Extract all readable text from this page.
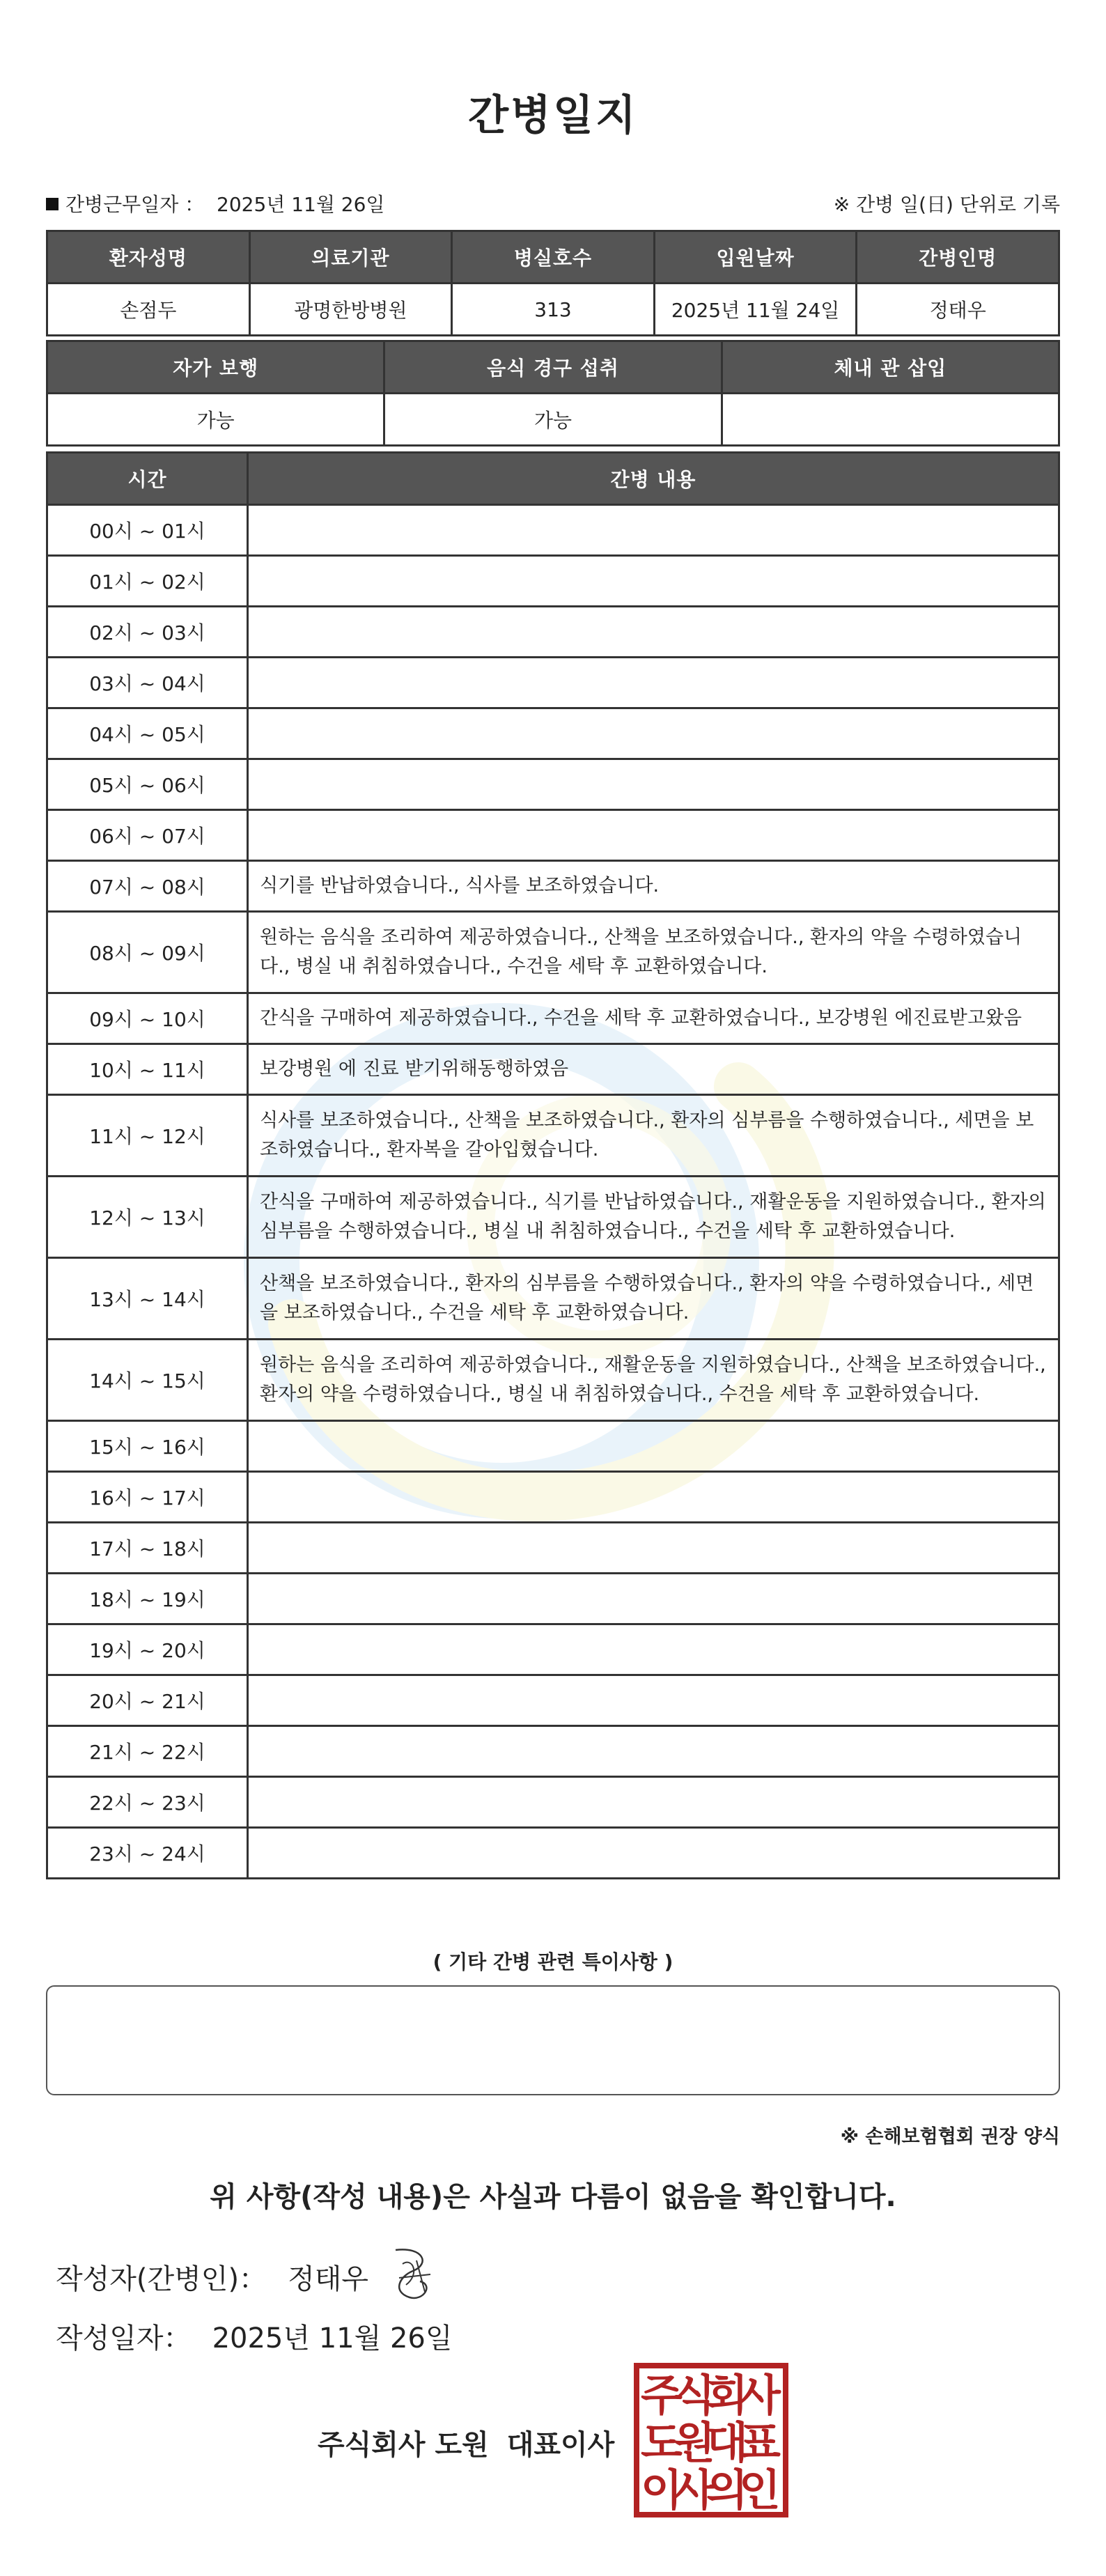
간병일지
간병근무일자 ： 2025년 11월 26일	※ 간병 일(日) 단위로 기록
환자성명	의료기관	병실호수	입원날짜	간병인명
손점두	광명한방병원	313	2025년 11월 24일	정태우
자가 보행	음식 경구 섭취	체내 관 삽입
가능	가능	
시간	간병 내용
00시 ~ 01시	
01시 ~ 02시	
02시 ~ 03시	
03시 ~ 04시	
04시 ~ 05시	
05시 ~ 06시	
06시 ~ 07시	
07시 ~ 08시	식기를 반납하였습니다., 식사를 보조하였습니다.
08시 ~ 09시	원하는 음식을 조리하여 제공하였습니다., 산책을 보조하였습니다., 환자의 약을 수령하였습니다., 병실 내 취침하였습니다., 수건을 세탁 후 교환하였습니다.
09시 ~ 10시	간식을 구매하여 제공하였습니다., 수건을 세탁 후 교환하였습니다., 보강병원 에진료받고왔음
10시 ~ 11시	보강병원 에 진료 받기위해동행하였음
11시 ~ 12시	식사를 보조하였습니다., 산책을 보조하였습니다., 환자의 심부름을 수행하였습니다., 세면을 보조하였습니다., 환자복을 갈아입혔습니다.
12시 ~ 13시	간식을 구매하여 제공하였습니다., 식기를 반납하였습니다., 재활운동을 지원하였습니다., 환자의 심부름을 수행하였습니다., 병실 내 취침하였습니다., 수건을 세탁 후 교환하였습니다.
13시 ~ 14시	산책을 보조하였습니다., 환자의 심부름을 수행하였습니다., 환자의 약을 수령하였습니다., 세면을 보조하였습니다., 수건을 세탁 후 교환하였습니다.
14시 ~ 15시	원하는 음식을 조리하여 제공하였습니다., 재활운동을 지원하였습니다., 산책을 보조하였습니다., 환자의 약을 수령하였습니다., 병실 내 취침하였습니다., 수건을 세탁 후 교환하였습니다.
15시 ~ 16시	
16시 ~ 17시	
17시 ~ 18시	
18시 ~ 19시	
19시 ~ 20시	
20시 ~ 21시	
21시 ~ 22시	
22시 ~ 23시	
23시 ~ 24시	
( 기타 간병 관련 특이사항 )
※ 손해보험협회 권장 양식
위 사항(작성 내용)은 사실과 다름이 없음을 확인합니다.
작성자(간병인)： 정태우
작성일자： 2025년 11월 26일
주식회사 도원 대표이사
주
식
회
사
도
원
대
표
이
사
의
인
